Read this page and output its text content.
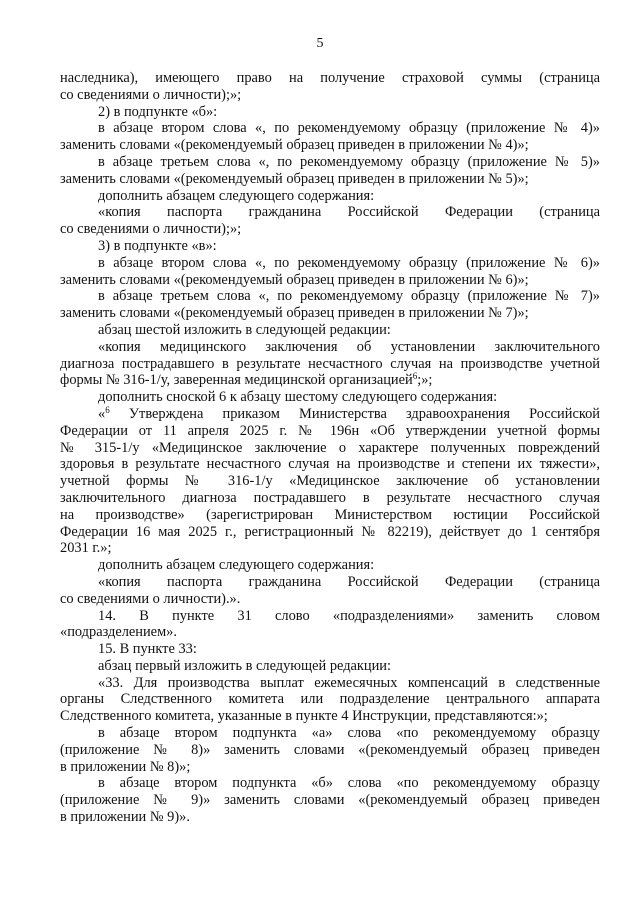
5
наследника), имеющего право на получение страховой суммы (страница
со сведениями о личности);»;
2) в подпункте «б»:
в абзаце втором слова «, по рекомендуемому образцу (приложение № 4)»
заменить словами «(рекомендуемый образец приведен в приложении № 4)»;
в абзаце третьем слова «, по рекомендуемому образцу (приложение № 5)»
заменить словами «(рекомендуемый образец приведен в приложении № 5)»;
дополнить абзацем следующего содержания:
«копия паспорта гражданина Российской Федерации (страница
со сведениями о личности);»;
3) в подпункте «в»:
в абзаце втором слова «, по рекомендуемому образцу (приложение № 6)»
заменить словами «(рекомендуемый образец приведен в приложении № 6)»;
в абзаце третьем слова «, по рекомендуемому образцу (приложение № 7)»
заменить словами «(рекомендуемый образец приведен в приложении № 7)»;
абзац шестой изложить в следующей редакции:
«копия медицинского заключения об установлении заключительного
диагноза пострадавшего в результате несчастного случая на производстве учетной
формы № 316-1/у, заверенная медицинской организацией$^6$;»;
дополнить сноской 6 к абзацу шестому следующего содержания:
«$^6$ Утверждена приказом Министерства здравоохранения Российской
Федерации от 11 апреля 2025 г. № 196н «Об утверждении учетной формы
№ 315-1/у «Медицинское заключение о характере полученных повреждений
здоровья в результате несчастного случая на производстве и степени их тяжести»,
учетной формы № 316-1/у «Медицинское заключение об установлении
заключительного диагноза пострадавшего в результате несчастного случая
на производстве» (зарегистрирован Министерством юстиции Российской
Федерации 16 мая 2025 г., регистрационный № 82219), действует до 1 сентября
2031 г.»;
дополнить абзацем следующего содержания:
«копия паспорта гражданина Российской Федерации (страница
со сведениями о личности).».
14. В пункте 31 слово «подразделениями» заменить словом
«подразделением».
15. В пункте 33:
абзац первый изложить в следующей редакции:
«33. Для производства выплат ежемесячных компенсаций в следственные
органы Следственного комитета или подразделение центрального аппарата
Следственного комитета, указанные в пункте 4 Инструкции, представляются:»;
в абзаце втором подпункта «а» слова «по рекомендуемому образцу
(приложение № 8)» заменить словами «(рекомендуемый образец приведен
в приложении № 8)»;
в абзаце втором подпункта «б» слова «по рекомендуемому образцу
(приложение № 9)» заменить словами «(рекомендуемый образец приведен
в приложении № 9)».
